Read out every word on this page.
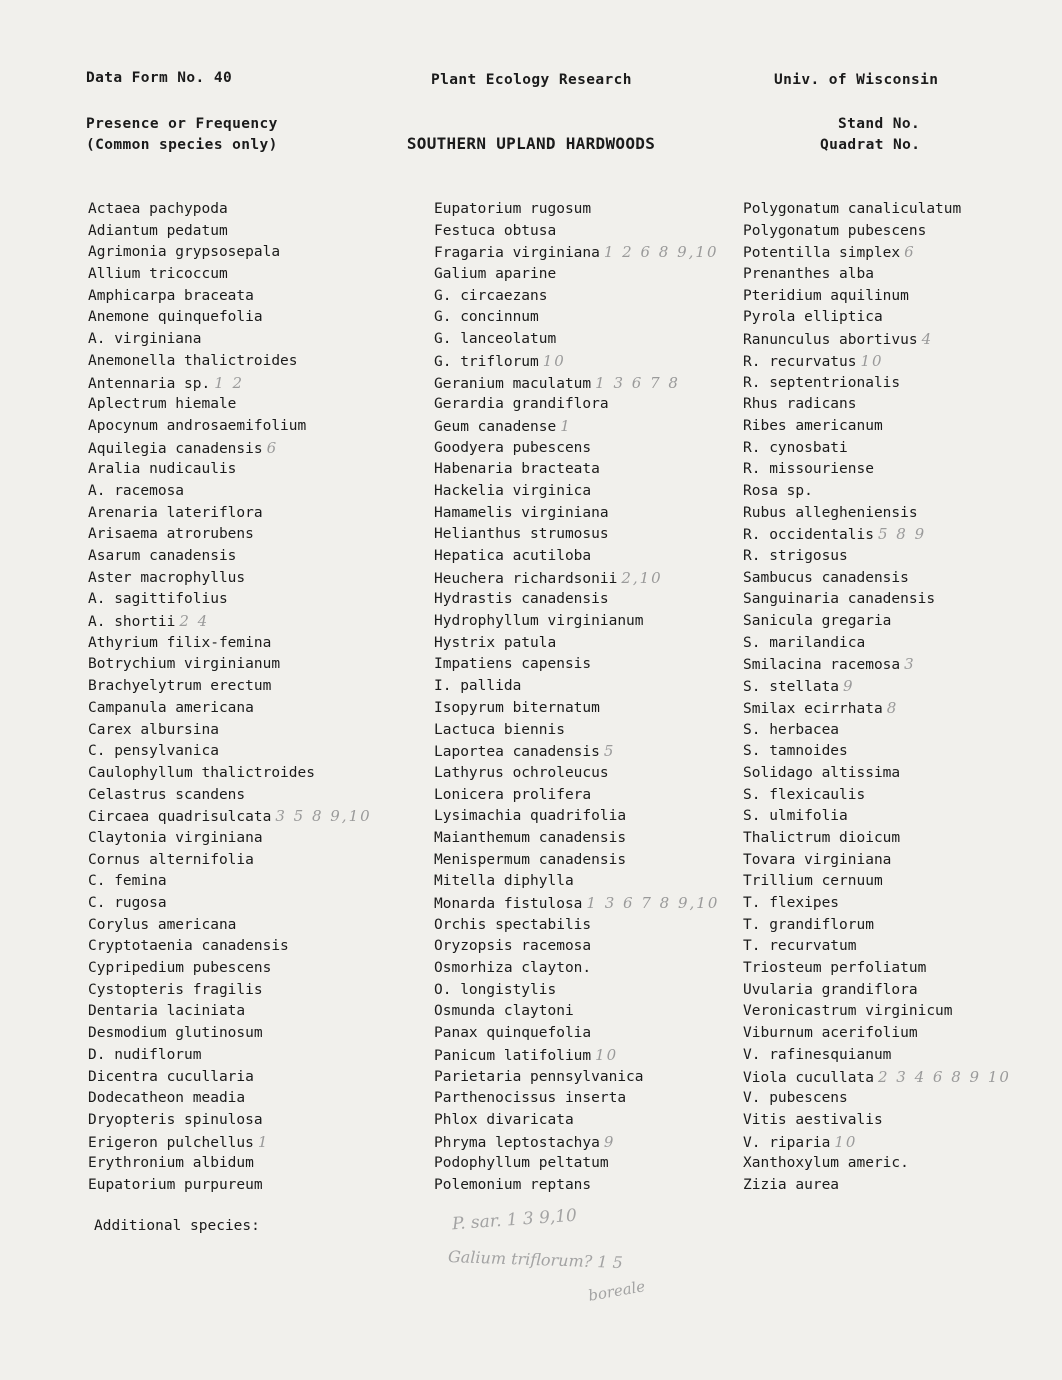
Data Form No. 40	Plant Ecology Research	Univ. of Wisconsin
Presence or Frequency
(Common species only)	SOUTHERN UPLAND HARDWOODS
Stand No.
Quadrat No.
Actaea pachypoda
Adiantum pedatum
Agrimonia grypsosepala
Allium tricoccum
Amphicarpa braceata
Anemone quinquefolia
A. virginiana
Anemonella thalictroides
Antennaria sp. 1 2
Aplectrum hiemale
Apocynum androsaemifolium
Aquilegia canadensis 6
Aralia nudicaulis
A. racemosa
Arenaria lateriflora
Arisaema atrorubens
Asarum canadensis
Aster macrophyllus
A. sagittifolius
A. shortii 2 4
Athyrium filix-femina
Botrychium virginianum
Brachyelytrum erectum
Campanula americana
Carex albursina
C. pensylvanica
Caulophyllum thalictroides
Celastrus scandens
Circaea quadrisulcata 3 5 8 9,10
Claytonia virginiana
Cornus alternifolia
C. femina
C. rugosa
Corylus americana
Cryptotaenia canadensis
Cypripedium pubescens
Cystopteris fragilis
Dentaria laciniata
Desmodium glutinosum
D. nudiflorum
Dicentra cucullaria
Dodecatheon meadia
Dryopteris spinulosa
Erigeron pulchellus 1
Erythronium albidum
Eupatorium purpureum
Eupatorium rugosum
Festuca obtusa
Fragaria virginiana 1 2 6 8 9,10
Galium aparine
G. circaezans
G. concinnum
G. lanceolatum
G. triflorum 10
Geranium maculatum 1 3 6 7 8
Gerardia grandiflora
Geum canadense 1
Goodyera pubescens
Habenaria bracteata
Hackelia virginica
Hamamelis virginiana
Helianthus strumosus
Hepatica acutiloba
Heuchera richardsonii 2,10
Hydrastis canadensis
Hydrophyllum virginianum
Hystrix patula
Impatiens capensis
I. pallida
Isopyrum biternatum
Lactuca biennis
Laportea canadensis 5
Lathyrus ochroleucus
Lonicera prolifera
Lysimachia quadrifolia
Maianthemum canadensis
Menispermum canadensis
Mitella diphylla
Monarda fistulosa 1 3 6 7 8 9,10
Orchis spectabilis
Oryzopsis racemosa
Osmorhiza clayton.
O. longistylis
Osmunda claytoni
Panax quinquefolia
Panicum latifolium 10
Parietaria pennsylvanica
Parthenocissus inserta
Phlox divaricata
Phryma leptostachya 9
Podophyllum peltatum
Polemonium reptans
Polygonatum canaliculatum
Polygonatum pubescens
Potentilla simplex 6
Prenanthes alba
Pteridium aquilinum
Pyrola elliptica
Ranunculus abortivus 4
R. recurvatus 10
R. septentrionalis
Rhus radicans
Ribes americanum
R. cynosbati
R. missouriense
Rosa sp.
Rubus allegheniensis
R. occidentalis 5 8 9
R. strigosus
Sambucus canadensis
Sanguinaria canadensis
Sanicula gregaria
S. marilandica
Smilacina racemosa 3
S. stellata 9
Smilax ecirrhata 8
S. herbacea
S. tamnoides
Solidago altissima
S. flexicaulis
S. ulmifolia
Thalictrum dioicum
Tovara virginiana
Trillium cernuum
T. flexipes
T. grandiflorum
T. recurvatum
Triosteum perfoliatum
Uvularia grandiflora
Veronicastrum virginicum
Viburnum acerifolium
V. rafinesquianum
Viola cucullata 2 3 4 6 8 9 10
V. pubescens
Vitis aestivalis
V. riparia 10
Xanthoxylum americ.
Zizia aurea
Additional species:	P. sar. 1 3 9,10
Galium triflorum? 1 5
boreale
